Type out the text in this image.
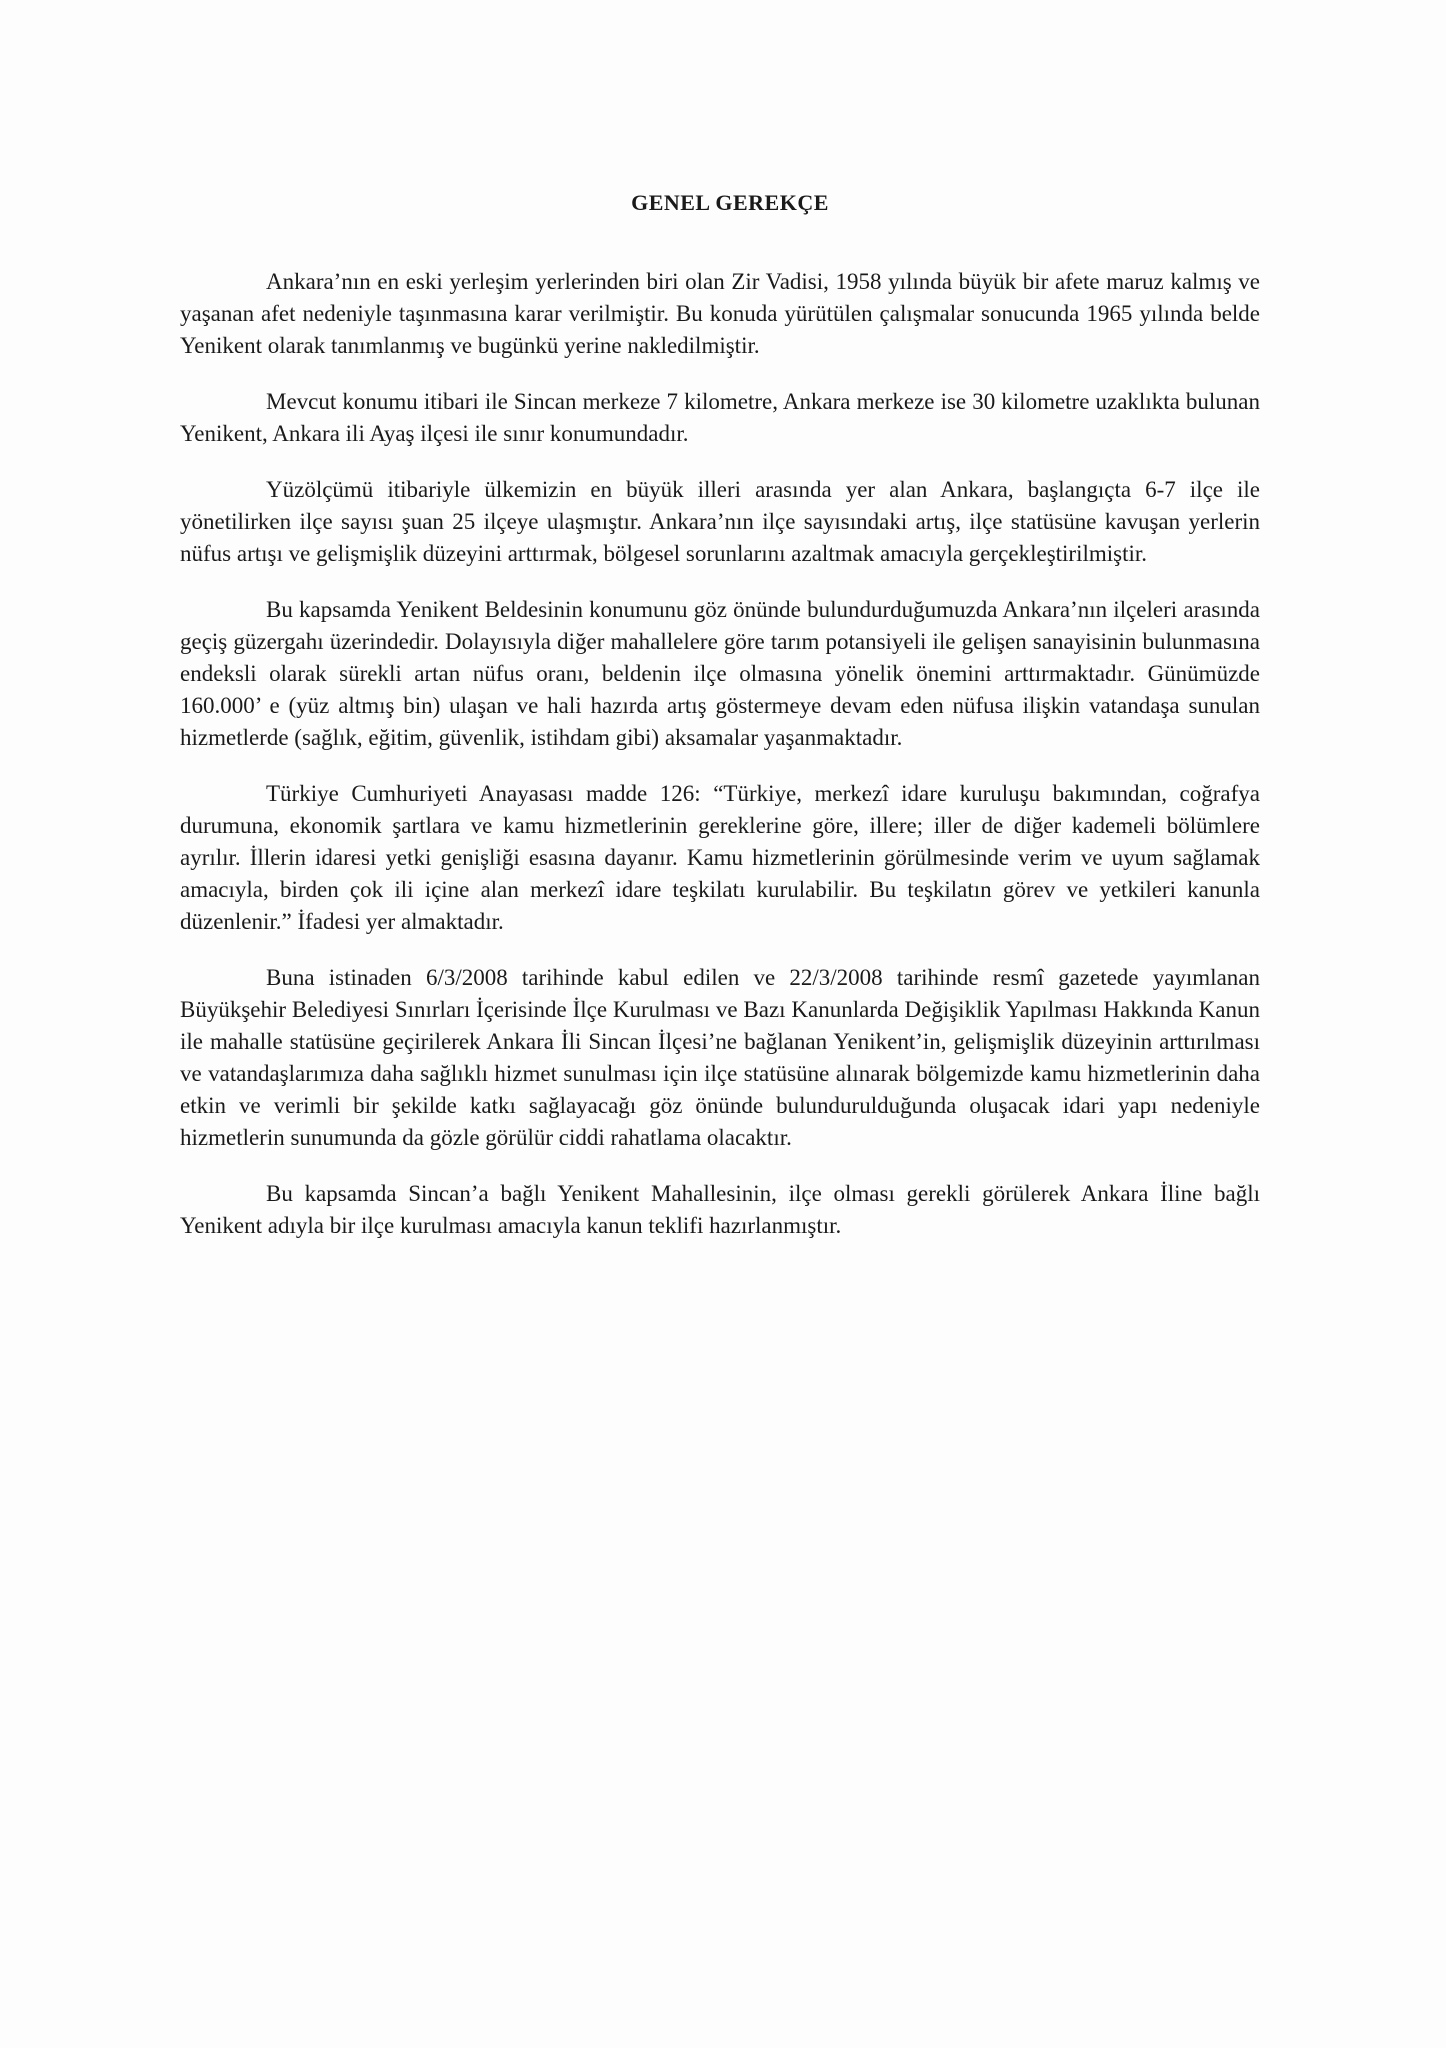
GENEL GEREKÇE

Ankara’nın en eski yerleşim yerlerinden biri olan Zir Vadisi, 1958 yılında büyük bir afete maruz kalmış ve yaşanan afet nedeniyle taşınmasına karar verilmiştir. Bu konuda yürütülen çalışmalar sonucunda 1965 yılında belde Yenikent olarak tanımlanmış ve bugünkü yerine nakledilmiştir.

Mevcut konumu itibari ile Sincan merkeze 7 kilometre, Ankara merkeze ise 30 kilometre uzaklıkta bulunan Yenikent, Ankara ili Ayaş ilçesi ile sınır konumundadır.

Yüzölçümü itibariyle ülkemizin en büyük illeri arasında yer alan Ankara, başlangıçta 6-7 ilçe ile yönetilirken ilçe sayısı şuan 25 ilçeye ulaşmıştır. Ankara’nın ilçe sayısındaki artış, ilçe statüsüne kavuşan yerlerin nüfus artışı ve gelişmişlik düzeyini arttırmak, bölgesel sorunlarını azaltmak amacıyla gerçekleştirilmiştir.

Bu kapsamda Yenikent Beldesinin konumunu göz önünde bulundurduğumuzda Ankara’nın ilçeleri arasında geçiş güzergahı üzerindedir. Dolayısıyla diğer mahallelere göre tarım potansiyeli ile gelişen sanayisinin bulunmasına endeksli olarak sürekli artan nüfus oranı, beldenin ilçe olmasına yönelik önemini arttırmaktadır. Günümüzde 160.000’ e (yüz altmış bin) ulaşan ve hali hazırda artış göstermeye devam eden nüfusa ilişkin vatandaşa sunulan hizmetlerde (sağlık, eğitim, güvenlik, istihdam gibi) aksamalar yaşanmaktadır.

Türkiye Cumhuriyeti Anayasası madde 126: “Türkiye, merkezî idare kuruluşu bakımından, coğrafya durumuna, ekonomik şartlara ve kamu hizmetlerinin gereklerine göre, illere; iller de diğer kademeli bölümlere ayrılır. İllerin idaresi yetki genişliği esasına dayanır. Kamu hizmetlerinin görülmesinde verim ve uyum sağlamak amacıyla, birden çok ili içine alan merkezî idare teşkilatı kurulabilir. Bu teşkilatın görev ve yetkileri kanunla düzenlenir.” İfadesi yer almaktadır.

Buna istinaden 6/3/2008 tarihinde kabul edilen ve 22/3/2008 tarihinde resmî gazetede yayımlanan Büyükşehir Belediyesi Sınırları İçerisinde İlçe Kurulması ve Bazı Kanunlarda Değişiklik Yapılması Hakkında Kanun ile mahalle statüsüne geçirilerek Ankara İli Sincan İlçesi’ne bağlanan Yenikent’in, gelişmişlik düzeyinin arttırılması ve vatandaşlarımıza daha sağlıklı hizmet sunulması için ilçe statüsüne alınarak bölgemizde kamu hizmetlerinin daha etkin ve verimli bir şekilde katkı sağlayacağı göz önünde bulundurulduğunda oluşacak idari yapı nedeniyle hizmetlerin sunumunda da gözle görülür ciddi rahatlama olacaktır.

Bu kapsamda Sincan’a bağlı Yenikent Mahallesinin, ilçe olması gerekli görülerek Ankara İline bağlı Yenikent adıyla bir ilçe kurulması amacıyla kanun teklifi hazırlanmıştır.
